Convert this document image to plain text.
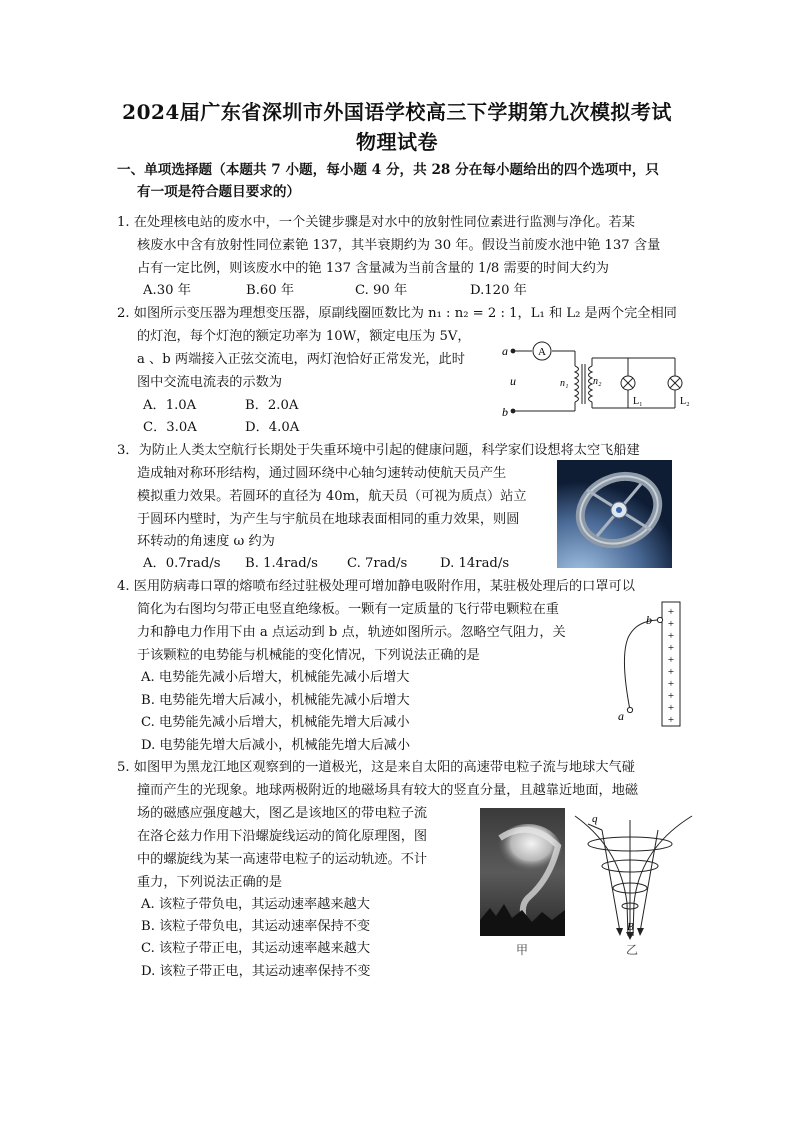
2024届广东省深圳市外国语学校高三下学期第九次模拟考试
物理试卷
一、单项选择题（本题共 7 小题，每小题 4 分，共 28 分在每小题给出的四个选项中，只
有一项是符合题目要求的）
1. 在处理核电站的废水中，一个关键步骤是对水中的放射性同位素进行监测与净化。若某
核废水中含有放射性同位素铯 137，其半衰期约为 30 年。假设当前废水池中铯 137 含量
占有一定比例，则该废水中的铯 137 含量减为当前含量的 1/8 需要的时间大约为
A.30 年	B.60 年	C. 90 年	D.120 年
2. 如图所示变压器为理想变压器，原副线圈匝数比为 n₁ : n₂ = 2 : 1，L₁ 和 L₂ 是两个完全相同
的灯泡，每个灯泡的额定功率为 10W，额定电压为 5V，
a 、b 两端接入正弦交流电，两灯泡恰好正常发光，此时
图中交流电流表的示数为
A．1.0A	B．2.0A
C．3.0A	D．4.0A
A
a
b
u	n₁ n₂
L₁	L₂
3．为防止人类太空航行长期处于失重环境中引起的健康问题，科学家们设想将太空飞船建
造成轴对称环形结构，通过圆环绕中心轴匀速转动使航天员产生
模拟重力效果。若圆环的直径为 40m，航天员（可视为质点）站立
于圆环内壁时，为产生与宇航员在地球表面相同的重力效果，则圆
环转动的角速度 ω 约为
A．0.7rad/s B. 1.4rad/s C. 7rad/s D. 14rad/s
4. 医用防病毒口罩的熔喷布经过驻极处理可增加静电吸附作用，某驻极处理后的口罩可以
简化为右图均匀带正电竖直绝缘板。一颗有一定质量的飞行带电颗粒在重
力和静电力作用下由 a 点运动到 b 点，轨迹如图所示。忽略空气阻力，关
于该颗粒的电势能与机械能的变化情况，下列说法正确的是
A. 电势能先减小后增大，机械能先减小后增大
B. 电势能先增大后减小，机械能先减小后增大
C. 电势能先减小后增大，机械能先增大后减小
D. 电势能先增大后减小，机械能先增大后减小
+
+
+
+
+
+
+
+
+
+
a
b
5. 如图甲为黑龙江地区观察到的一道极光，这是来自太阳的高速带电粒子流与地球大气碰
撞而产生的光现象。地球两极附近的地磁场具有较大的竖直分量，且越靠近地面，地磁
场的磁感应强度越大，图乙是该地区的带电粒子流
在洛仑兹力作用下沿螺旋线运动的简化原理图，图
中的螺旋线为某一高速带电粒子的运动轨迹。不计
重力，下列说法正确的是
A. 该粒子带负电，其运动速率越来越大
B. 该粒子带负电，其运动速率保持不变
C. 该粒子带正电，其运动速率越来越大
D. 该粒子带正电，其运动速率保持不变
甲
q
B
乙
